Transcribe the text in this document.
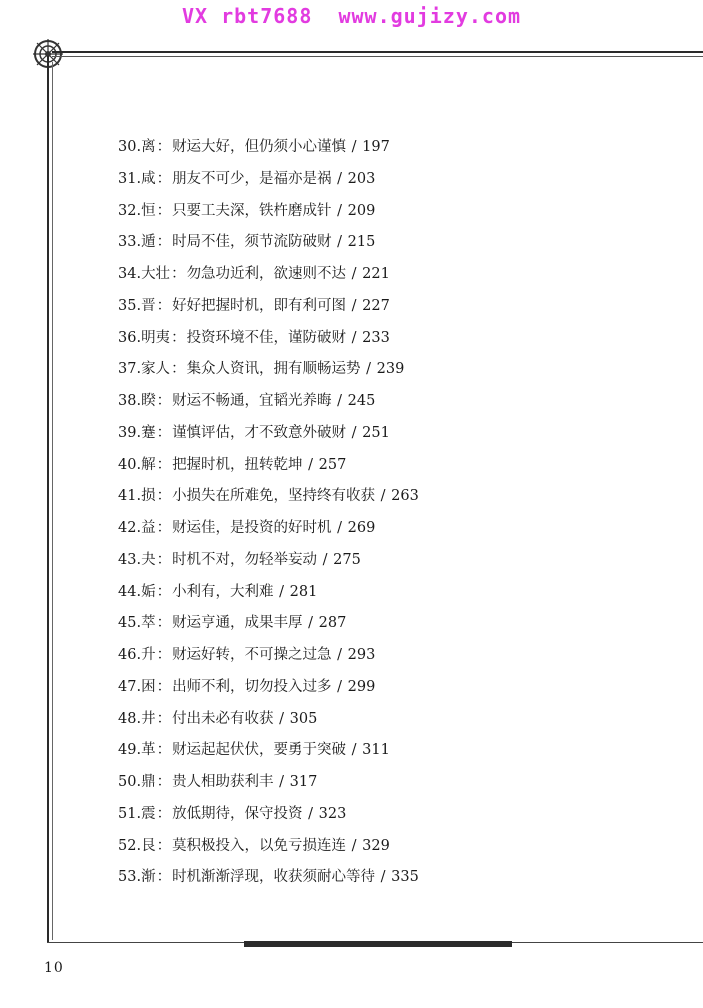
VX rbt7688  www.gujizy.com
30.离：财运大好，但仍须小心谨慎 / 197
31.咸：朋友不可少，是福亦是祸 / 203
32.恒：只要工夫深，铁杵磨成针 / 209
33.遁：时局不佳，须节流防破财 / 215
34.大壮：勿急功近利，欲速则不达 / 221
35.晋：好好把握时机，即有利可图 / 227
36.明夷：投资环境不佳，谨防破财 / 233
37.家人：集众人资讯，拥有顺畅运势 / 239
38.睽：财运不畅通，宜韬光养晦 / 245
39.蹇：谨慎评估，才不致意外破财 / 251
40.解：把握时机，扭转乾坤 / 257
41.损：小损失在所难免，坚持终有收获 / 263
42.益：财运佳，是投资的好时机 / 269
43.夬：时机不对，勿轻举妄动 / 275
44.姤：小利有，大利难 / 281
45.萃：财运亨通，成果丰厚 / 287
46.升：财运好转，不可操之过急 / 293
47.困：出师不利，切勿投入过多 / 299
48.井：付出未必有收获 / 305
49.革：财运起起伏伏，要勇于突破 / 311
50.鼎：贵人相助获利丰 / 317
51.震：放低期待，保守投资 / 323
52.艮：莫积极投入，以免亏损连连 / 329
53.渐：时机渐渐浮现，收获须耐心等待 / 335
10
